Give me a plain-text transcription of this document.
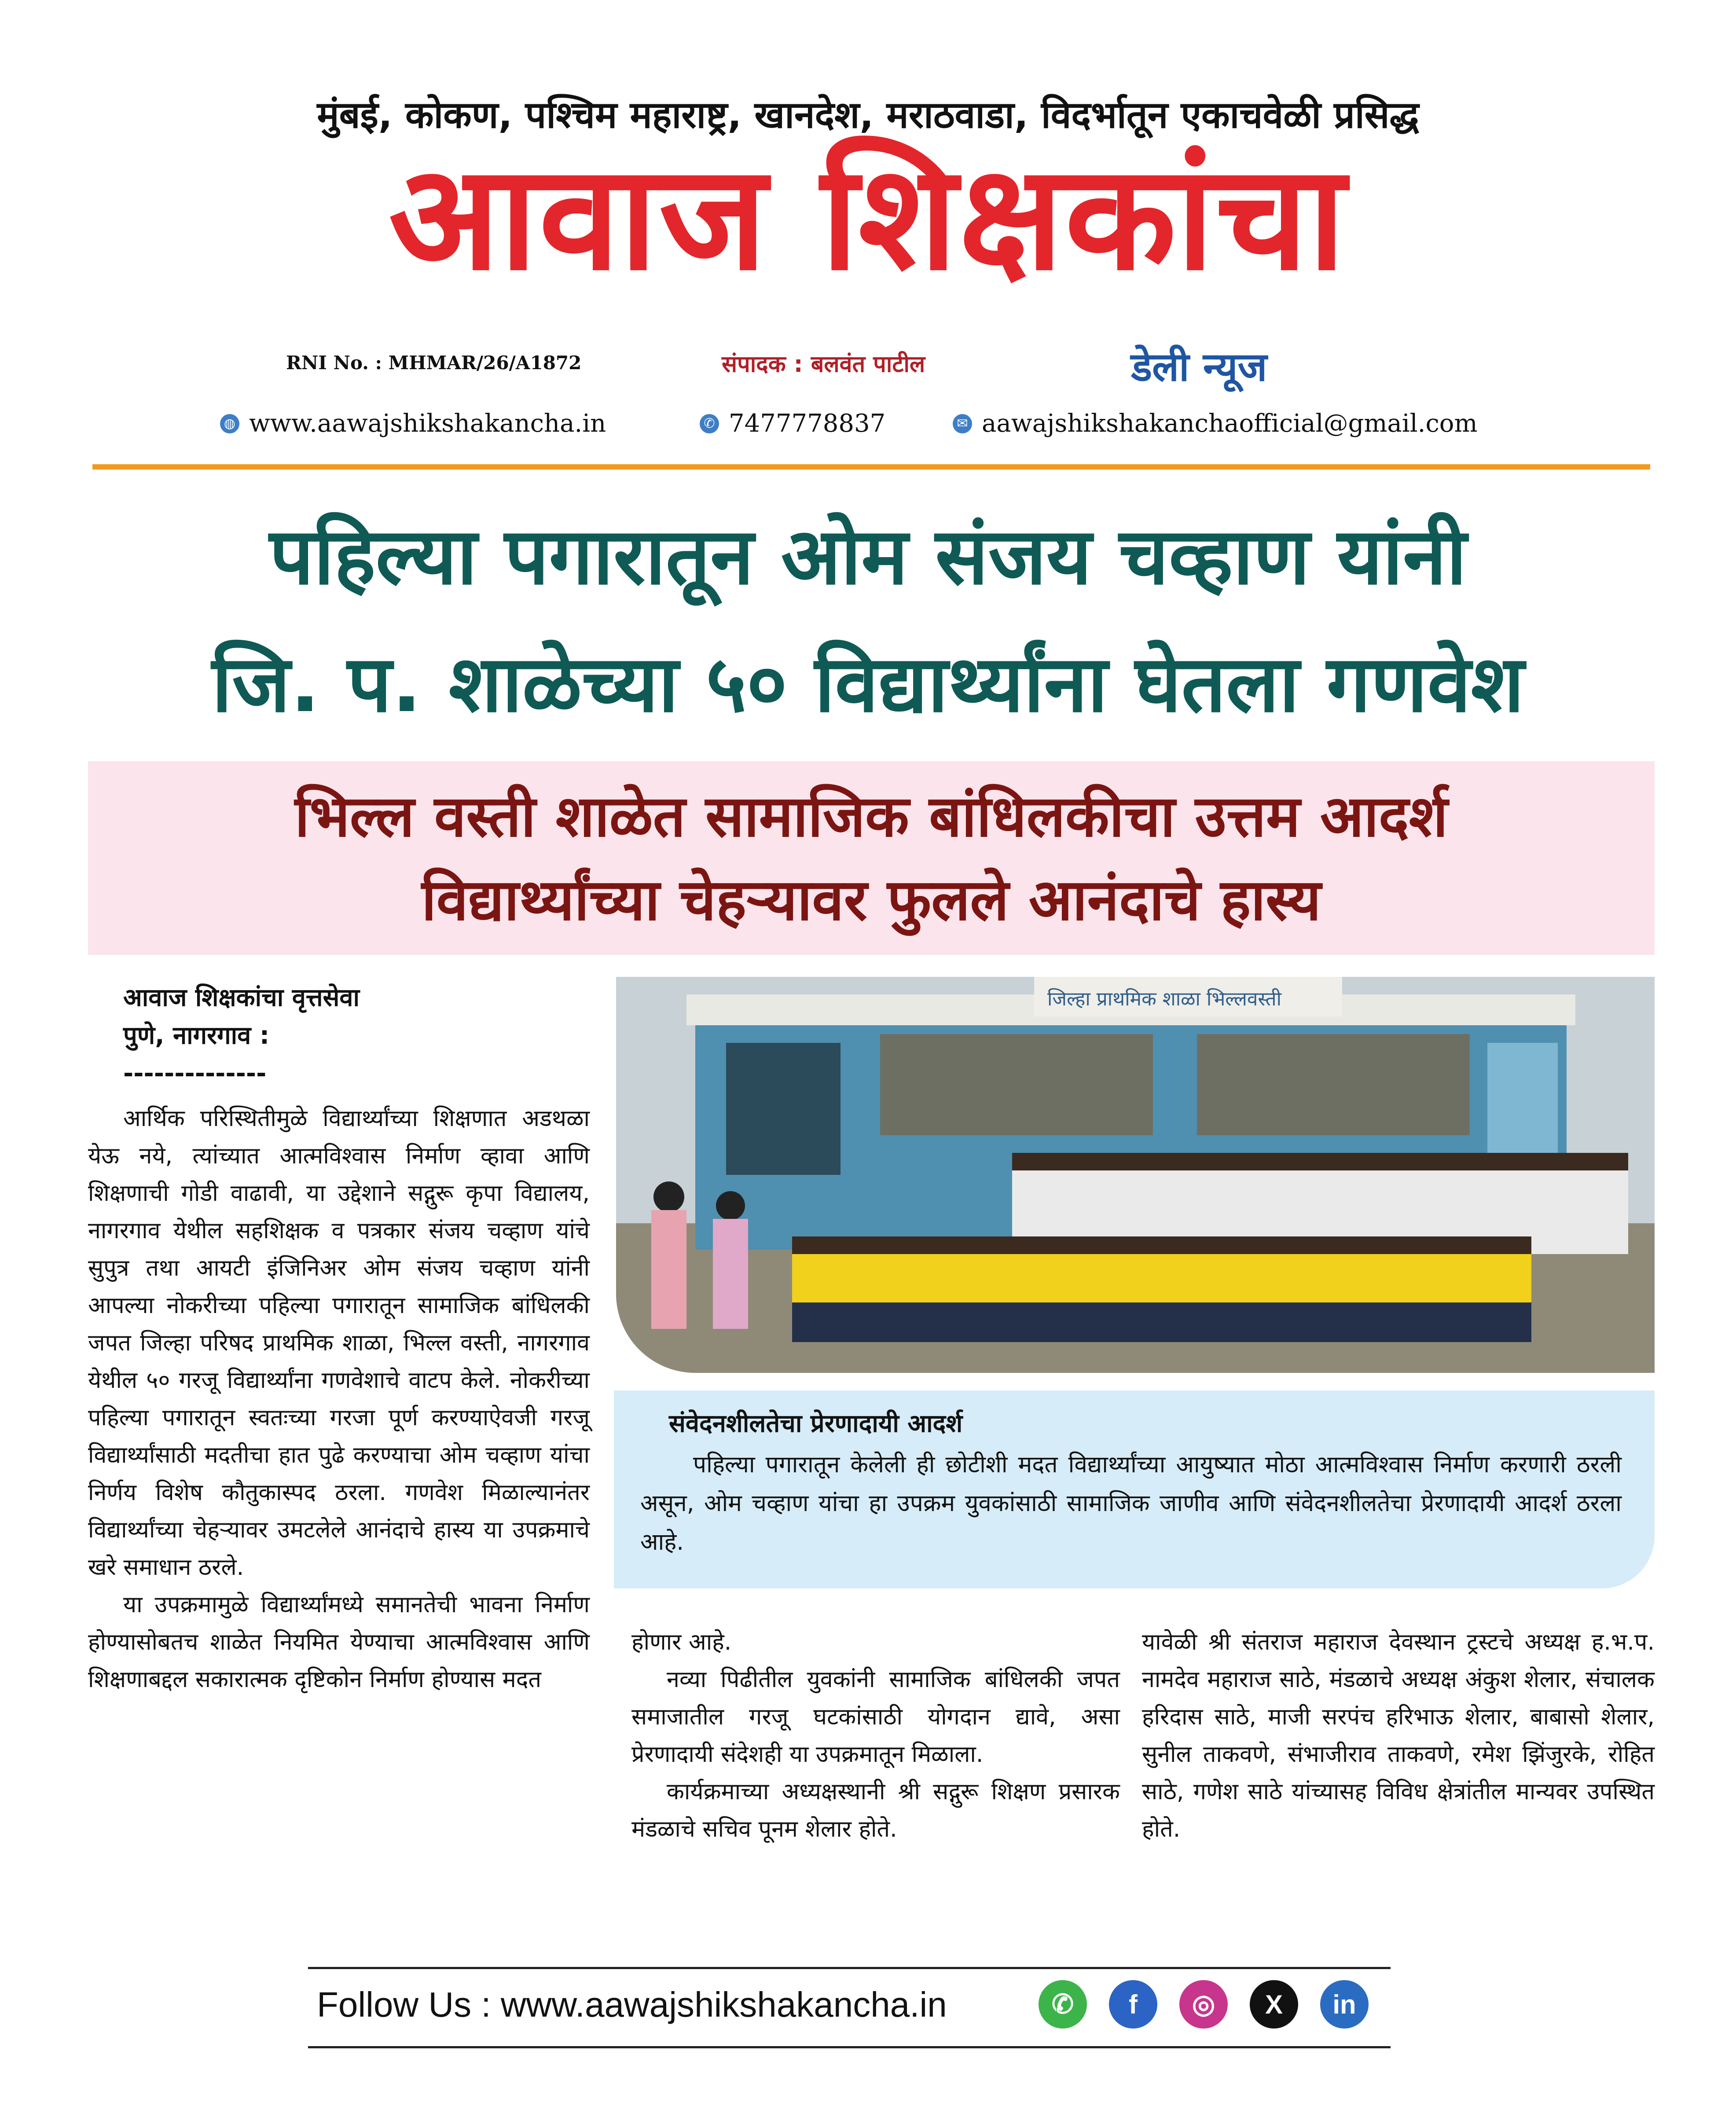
मुंबई, कोकण, पश्चिम महाराष्ट्र, खानदेश, मराठवाडा, विदर्भातून एकाचवेळी प्रसिद्ध
आवाज शिक्षकांचा
RNI No. : MHMAR/26/A1872	संपादक : बलवंत पाटील	डेली न्यूज
◍ www.aawajshikshakancha.in	✆ 7477778837	✉ aawajshikshakanchaofficial@gmail.com
पहिल्या पगारातून ओम संजय चव्हाण यांनी
जि. प. शाळेच्या ५० विद्यार्थ्यांना घेतला गणवेश
भिल्ल वस्ती शाळेत सामाजिक बांधिलकीचा उत्तम आदर्श
विद्यार्थ्यांच्या चेहऱ्यावर फुलले आनंदाचे हास्य
आवाज शिक्षकांचा वृत्तसेवा
पुणे, नागरगाव :
--------------

आर्थिक परिस्थितीमुळे विद्यार्थ्यांच्या शिक्षणात अडथळा येऊ नये, त्यांच्यात आत्मविश्वास निर्माण व्हावा आणि शिक्षणाची गोडी वाढावी, या उद्देशाने सद्गुरू कृपा विद्यालय, नागरगाव येथील सहशिक्षक व पत्रकार संजय चव्हाण यांचे सुपुत्र तथा आयटी इंजिनिअर ओम संजय चव्हाण यांनी आपल्या नोकरीच्या पहिल्या पगारातून सामाजिक बांधिलकी जपत जिल्हा परिषद प्राथमिक शाळा, भिल्ल वस्ती, नागरगाव येथील ५० गरजू विद्यार्थ्यांना गणवेशाचे वाटप केले. नोकरीच्या पहिल्या पगारातून स्वतःच्या गरजा पूर्ण करण्याऐवजी गरजू विद्यार्थ्यांसाठी मदतीचा हात पुढे करण्याचा ओम चव्हाण यांचा निर्णय विशेष कौतुकास्पद ठरला. गणवेश मिळाल्यानंतर विद्यार्थ्यांच्या चेहऱ्यावर उमटलेले आनंदाचे हास्य या उपक्रमाचे खरे समाधान ठरले.

या उपक्रमामुळे विद्यार्थ्यांमध्ये समानतेची भावना निर्माण होण्यासोबतच शाळेत नियमित येण्याचा आत्मविश्वास आणि शिक्षणाबद्दल सकारात्मक दृष्टिकोन निर्माण होण्यास मदत

जिल्हा प्राथमिक शाळा भिल्लवस्ती
संवेदनशीलतेचा प्रेरणादायी आदर्श
पहिल्या पगारातून केलेली ही छोटीशी मदत विद्यार्थ्यांच्या आयुष्यात मोठा आत्मविश्वास निर्माण करणारी ठरली असून, ओम चव्हाण यांचा हा उपक्रम युवकांसाठी सामाजिक जाणीव आणि संवेदनशीलतेचा प्रेरणादायी आदर्श ठरला आहे.

होणार आहे.

नव्या पिढीतील युवकांनी सामाजिक बांधिलकी जपत समाजातील गरजू घटकांसाठी योगदान द्यावे, असा प्रेरणादायी संदेशही या उपक्रमातून मिळाला.

कार्यक्रमाच्या अध्यक्षस्थानी श्री सद्गुरू शिक्षण प्रसारक मंडळाचे सचिव पूनम शेलार होते.

यावेळी श्री संतराज महाराज देवस्थान ट्रस्टचे अध्यक्ष ह.भ.प. नामदेव महाराज साठे, मंडळाचे अध्यक्ष अंकुश शेलार, संचालक हरिदास साठे, माजी सरपंच हरिभाऊ शेलार, बाबासो शेलार, सुनील ताकवणे, संभाजीराव ताकवणे, रमेश झिंजुरके, रोहित साठे, गणेश साठे यांच्यासह विविध क्षेत्रांतील मान्यवर उपस्थित होते.

Follow Us : www.aawajshikshakancha.in	✆	f	◎	X	in
